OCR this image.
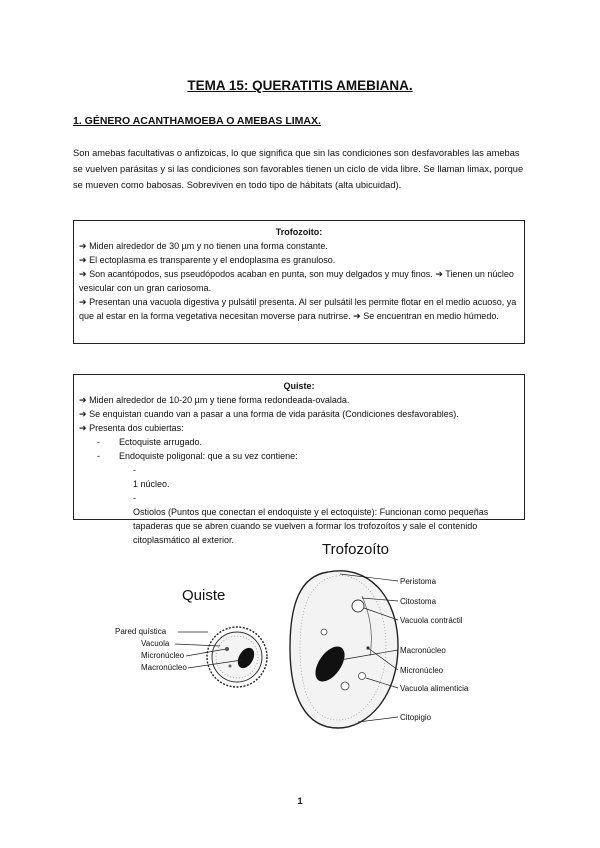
TEMA 15: QUERATITIS AMEBIANA.
1. GÉNERO ACANTHAMOEBA O AMEBAS LIMAX.
Son amebas facultativas o anfizoicas, lo que significa que sin las condiciones son desfavorables las amebas se vuelven parásitas y si las condiciones son favorables tienen un ciclo de vida libre. Se llaman limax, porque se mueven como babosas. Sobreviven en todo tipo de hábitats (alta ubicuidad).
Trofozoito:
➔ Miden alrededor de 30 µm y no tienen una forma constante.
➔ El ectoplasma es transparente y el endoplasma es granuloso.
➔ Son acantópodos, sus pseudópodos acaban en punta, son muy delgados y muy finos. ➔ Tienen un núcleo vesicular con un gran cariosoma.
➔ Presentan una vacuola digestiva y pulsátil presenta. Al ser pulsátil les permite flotar en el medio acuoso, ya que al estar en la forma vegetativa necesitan moverse para nutrirse. ➔ Se encuentran en medio húmedo.
Quiste:
➔ Miden alrededor de 10-20 µm y tiene forma redondeada-ovalada.
➔ Se enquistan cuando van a pasar a una forma de vida parásita (Condiciones desfavorables).
➔ Presenta dos cubiertas:
- Ectoquiste arrugado.
- Endoquiste poligonal: que a su vez contiene:
-1 núcleo.
-Ostiolos (Puntos que conectan el endoquiste y el ectoquiste): Funcionan como pequeñas tapaderas que se abren cuando se vuelven a formar los trofozoítos y sale el contenido citoplasmático al exterior.
Quiste
Trofozoíto
Pared quística
Vacuola
Micronúcleo
Macronúcleo
Peristoma
Citostoma
Vacuola contráctil
Macronúcleo
Micronúcleo
Vacuola alimenticia
Citopigio
1
